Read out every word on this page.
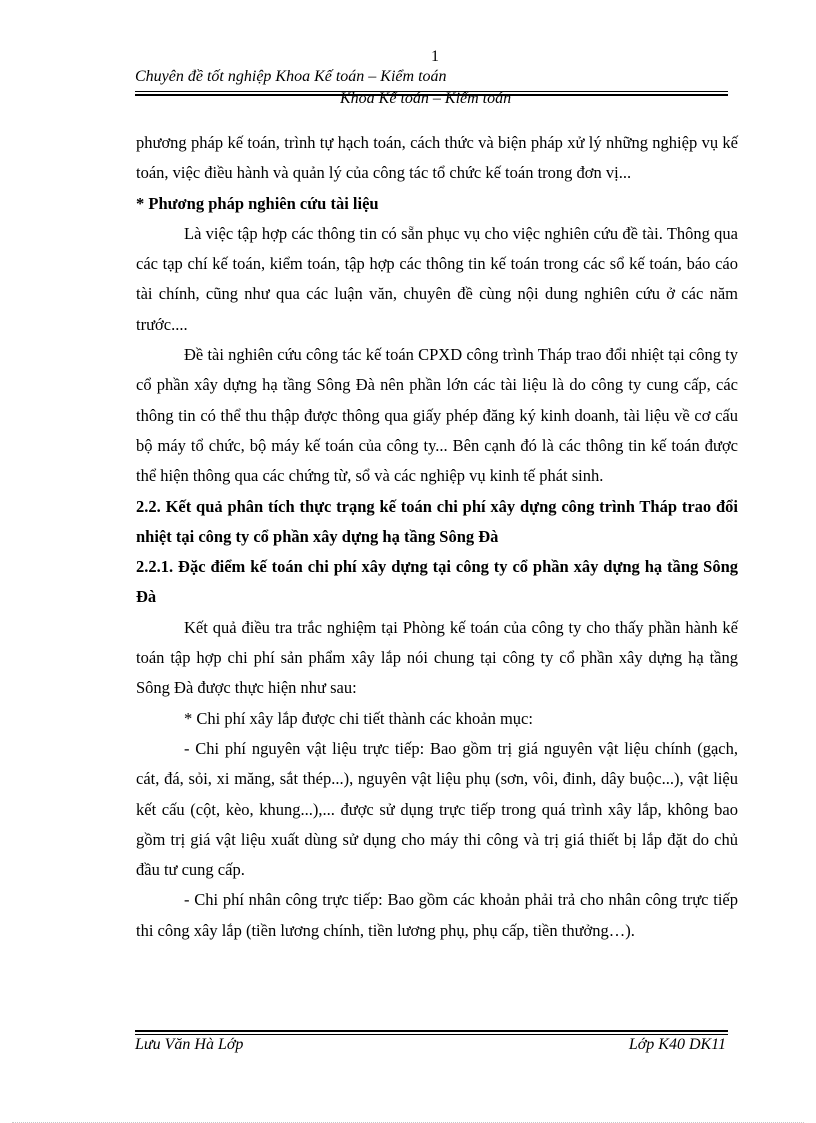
1
Chuyên đề tốt nghiệp Khoa Kế toán – Kiểm toán
Khoa Kế toán – Kiểm toán

phương pháp kế toán, trình tự hạch toán, cách thức và biện pháp xử lý những nghiệp vụ kế toán, việc điều hành và quản lý của công tác tổ chức kế toán trong đơn vị...

* Phương pháp nghiên cứu tài liệu

Là việc tập hợp các thông tin có sẵn phục vụ cho việc nghiên cứu đề tài. Thông qua các tạp chí kế toán, kiểm toán, tập hợp các thông tin kế toán trong các sổ kế toán, báo cáo tài chính, cũng như qua các luận văn, chuyên đề cùng nội dung nghiên cứu ở các năm trước....

Đề tài nghiên cứu công tác kế toán CPXD công trình Tháp trao đổi nhiệt tại công ty cổ phần xây dựng hạ tầng Sông Đà nên phần lớn các tài liệu là do công ty cung cấp, các thông tin có thể thu thập được thông qua giấy phép đăng ký kinh doanh, tài liệu về cơ cấu bộ máy tổ chức, bộ máy kế toán của công ty... Bên cạnh đó là các thông tin kế toán được thể hiện thông qua các chứng từ, sổ và các nghiệp vụ kinh tế phát sinh.

2.2. Kết quả phân tích thực trạng kế toán chi phí xây dựng công trình Tháp trao đổi nhiệt tại công ty cổ phần xây dựng hạ tầng Sông Đà

2.2.1. Đặc điểm kế toán chi phí xây dựng tại công ty cổ phần xây dựng hạ tầng Sông Đà

Kết quả điều tra trắc nghiệm tại Phòng kế toán của công ty cho thấy phần hành kế toán tập hợp chi phí sản phẩm xây lắp nói chung tại công ty cổ phần xây dựng hạ tầng Sông Đà được thực hiện như sau:

* Chi phí xây lắp được chi tiết thành các khoản mục:

- Chi phí nguyên vật liệu trực tiếp: Bao gồm trị giá nguyên vật liệu chính (gạch, cát, đá, sỏi, xi măng, sắt thép...), nguyên vật liệu phụ (sơn, vôi, đinh, dây buộc...), vật liệu kết cấu (cột, kèo, khung...),... được sử dụng trực tiếp trong quá trình xây lắp, không bao gồm trị giá vật liệu xuất dùng sử dụng cho máy thi công và trị giá thiết bị lắp đặt do chủ đầu tư cung cấp.

- Chi phí nhân công trực tiếp: Bao gồm các khoản phải trả cho nhân công trực tiếp thi công xây lắp (tiền lương chính, tiền lương phụ, phụ cấp, tiền thưởng…).

Lưu Văn Hà Lớp	Lớp K40 DK11
